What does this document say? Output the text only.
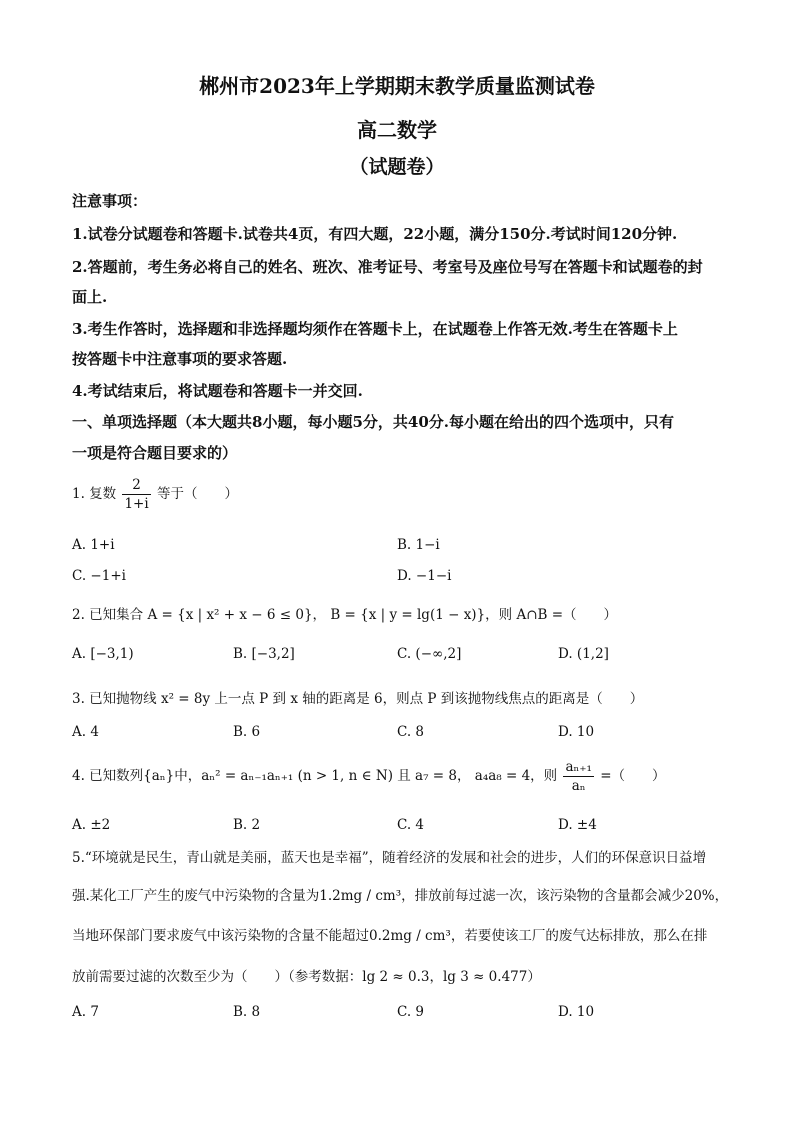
郴州市2023年上学期期末教学质量监测试卷
高二数学
（试题卷）
注意事项：
1.试卷分试题卷和答题卡.试卷共4页，有四大题，22小题，满分150分.考试时间120分钟.
2.答题前，考生务必将自己的姓名、班次、准考证号、考室号及座位号写在答题卡和试题卷的封
面上.
3.考生作答时，选择题和非选择题均须作在答题卡上，在试题卷上作答无效.考生在答题卡上
按答题卡中注意事项的要求答题.
4.考试结束后，将试题卷和答题卡一并交回.
一、单项选择题（本大题共8小题，每小题5分，共40分.每小题在给出的四个选项中，只有
一项是符合题目要求的）
1. 复数 $\frac{2}{1+i}$ 等于（　　）
A. 1+i	B. 1−i
C. −1+i	D. −1−i
2. 已知集合 A = {x | x² + x − 6 ≤ 0}， B = {x | y = lg(1 − x)}，则 A∩B =（　　）
A. [−3,1)	B. [−3,2]	C. (−∞,2]	D. (1,2]
3. 已知抛物线 x² = 8y 上一点 P 到 x 轴的距离是 6，则点 P 到该抛物线焦点的距离是（　　）
A. 4	B. 6	C. 8	D. 10
4. 已知数列{aₙ}中，aₙ² = aₙ₋₁aₙ₊₁ (n > 1, n ∈ N) 且 a₇ = 8， a₄a₈ = 4，则 $\frac{\text{aₙ₊₁}}{\text{aₙ}}$ =（　　）
A. ±2	B. 2	C. 4	D. ±4
5.“环境就是民生，青山就是美丽，蓝天也是幸福”，随着经济的发展和社会的进步，人们的环保意识日益增
强.某化工厂产生的废气中污染物的含量为1.2mg / cm³，排放前每过滤一次，该污染物的含量都会减少20%，
当地环保部门要求废气中该污染物的含量不能超过0.2mg / cm³，若要使该工厂的废气达标排放，那么在排
放前需要过滤的次数至少为（　　）（参考数据：lg 2 ≈ 0.3，lg 3 ≈ 0.477）
A. 7	B. 8	C. 9	D. 10
